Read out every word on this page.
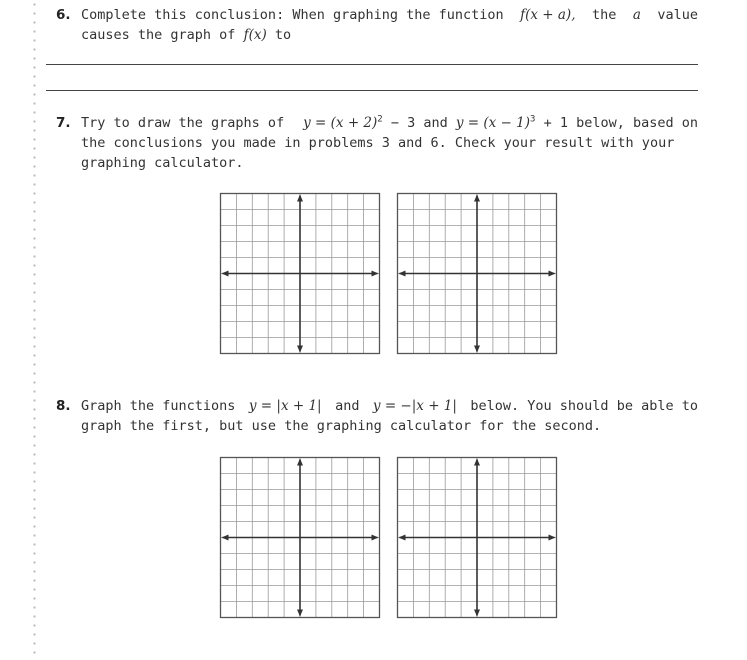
6. Complete this conclusion: When graphing the function f(x + a), the a value
causes the graph of f(x) to
7. Try to draw the graphs of $y = (x + 2)^2 - 3$ and $y = (x - 1)^3 + 1$ below, based on
the conclusions you made in problems 3 and 6. Check your result with your
graphing calculator.
8. Graph the functions y = |x + 1| and y = −|x + 1| below. You should be able to
graph the first, but use the graphing calculator for the second.
